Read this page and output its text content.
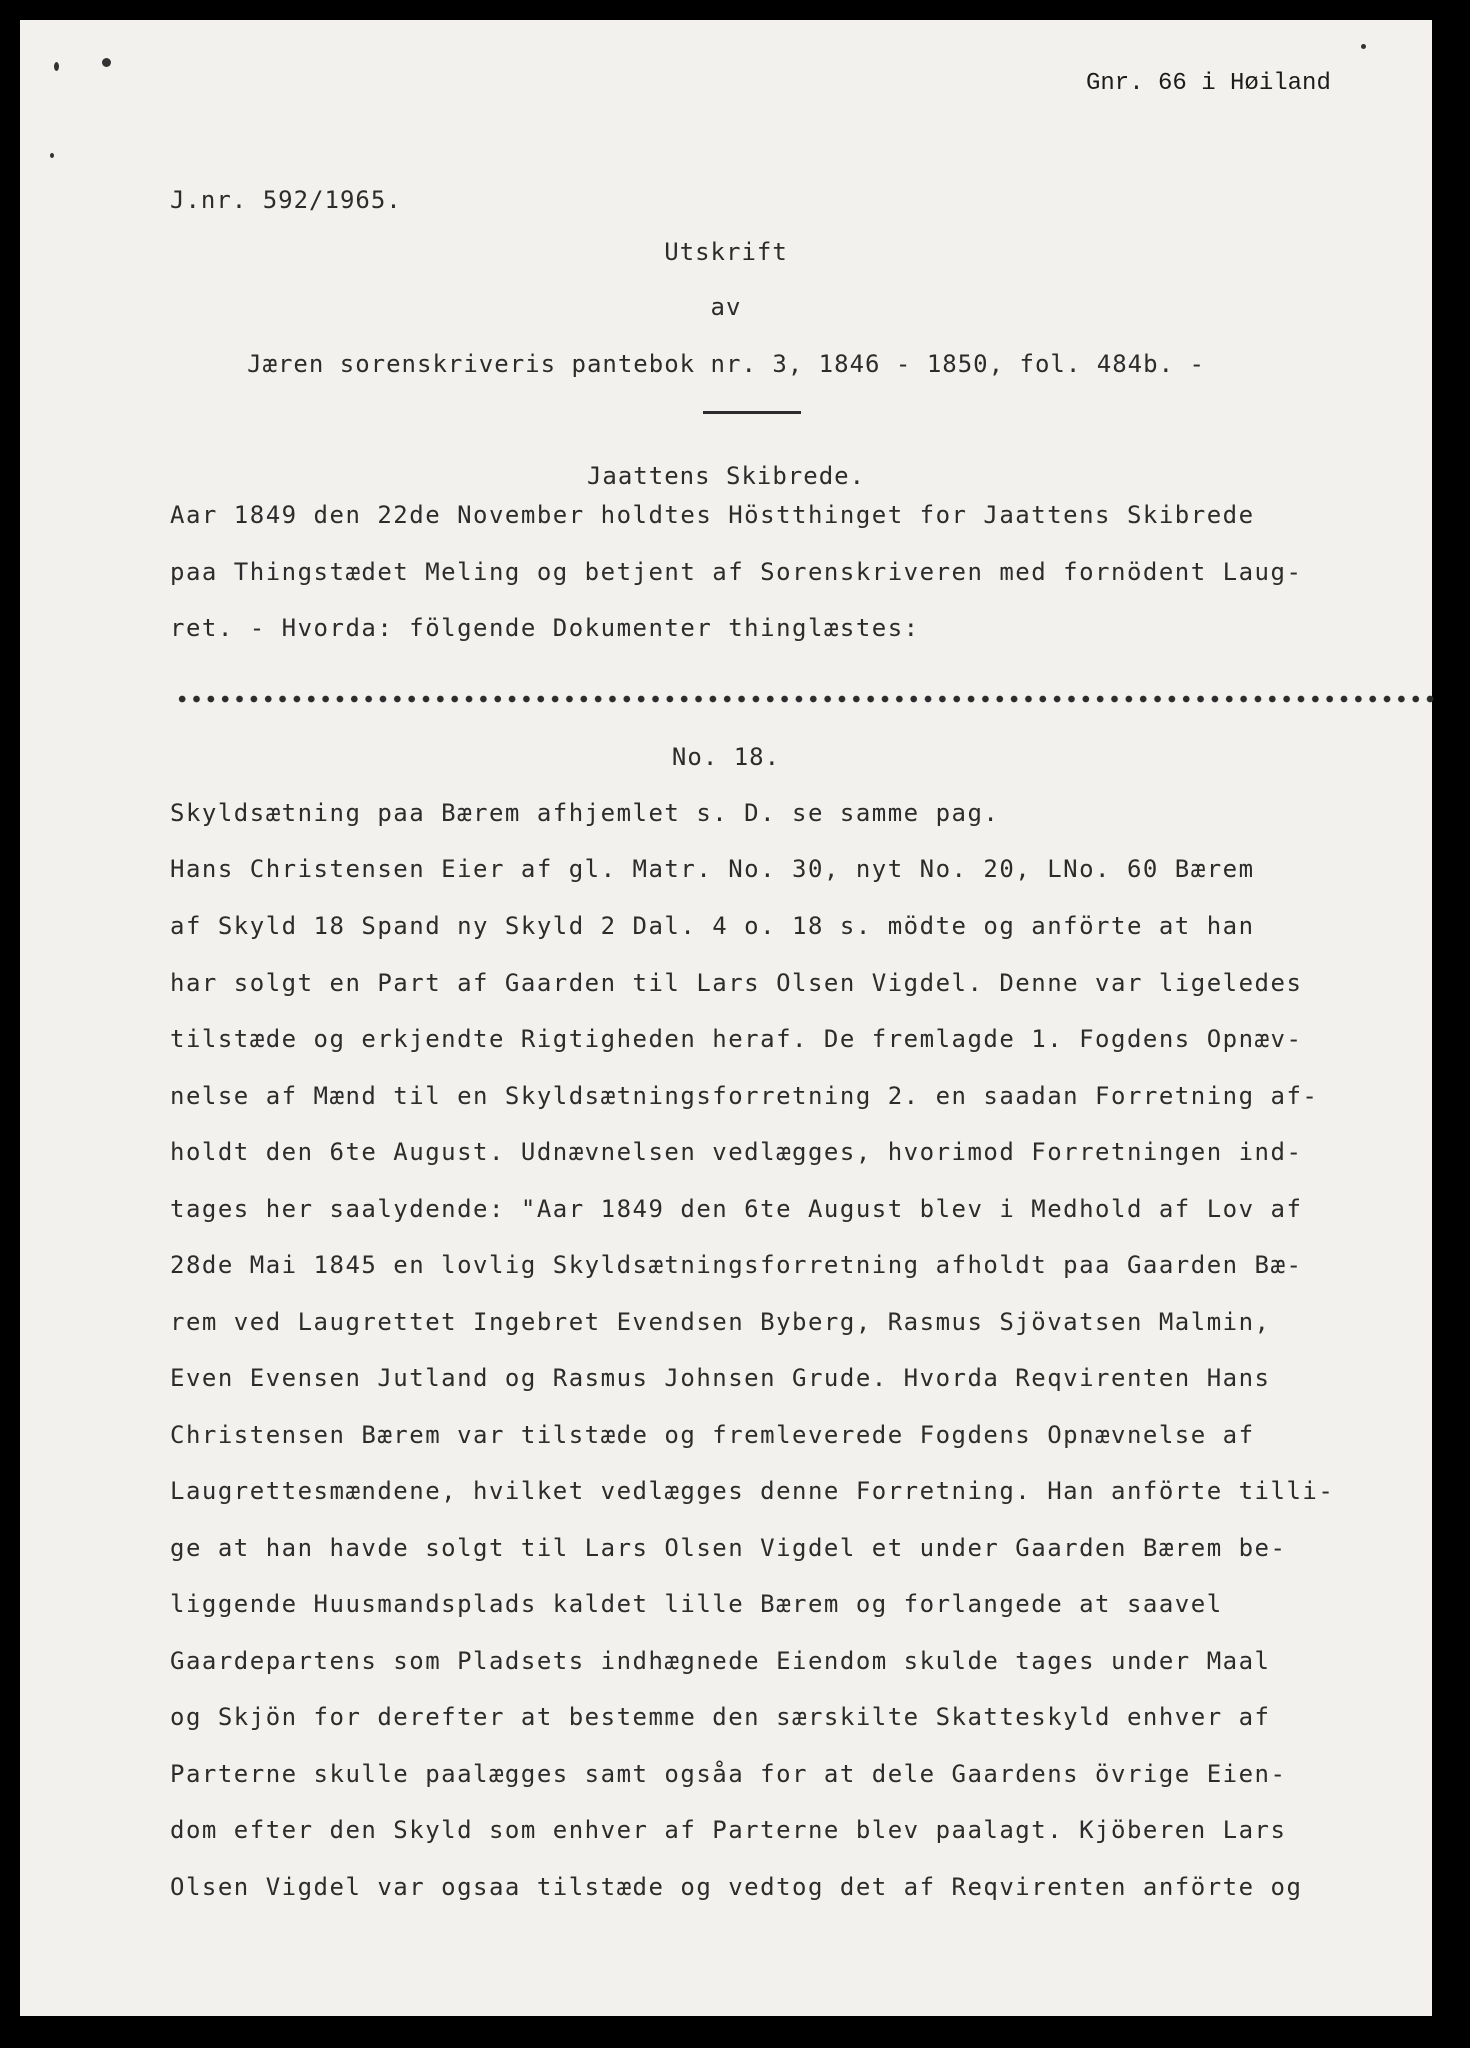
Gnr. 66 i Høiland
J.nr. 592/1965.
Utskrift
av
Jæren sorenskriveris pantebok nr. 3, 1846 - 1850, fol. 484b. -
Jaattens Skibrede.
Aar 1849 den 22de November holdtes Höstthinget for Jaattens Skibrede
paa Thingstædet Meling og betjent af Sorenskriveren med fornödent Laug-
ret. - Hvorda: fölgende Dokumenter thinglæstes:
No. 18.
Skyldsætning paa Bærem afhjemlet s. D. se samme pag.
Hans Christensen Eier af gl. Matr. No. 30, nyt No. 20, LNo. 60 Bærem
af Skyld 18 Spand ny Skyld 2 Dal. 4 o. 18 s. mödte og anförte at han
har solgt en Part af Gaarden til Lars Olsen Vigdel. Denne var ligeledes
tilstæde og erkjendte Rigtigheden heraf. De fremlagde 1. Fogdens Opnæv-
nelse af Mænd til en Skyldsætningsforretning 2. en saadan Forretning af-
holdt den 6te August. Udnævnelsen vedlægges, hvorimod Forretningen ind-
tages her saalydende: "Aar 1849 den 6te August blev i Medhold af Lov af
28de Mai 1845 en lovlig Skyldsætningsforretning afholdt paa Gaarden Bæ-
rem ved Laugrettet Ingebret Evendsen Byberg, Rasmus Sjövatsen Malmin,
Even Evensen Jutland og Rasmus Johnsen Grude. Hvorda Reqvirenten Hans
Christensen Bærem var tilstæde og fremleverede Fogdens Opnævnelse af
Laugrettesmændene, hvilket vedlægges denne Forretning. Han anförte tilli-
ge at han havde solgt til Lars Olsen Vigdel et under Gaarden Bærem be-
liggende Huusmandsplads kaldet lille Bærem og forlangede at saavel
Gaardepartens som Pladsets indhægnede Eiendom skulde tages under Maal
og Skjön for derefter at bestemme den særskilte Skatteskyld enhver af
Parterne skulle paalægges samt ogsåa for at dele Gaardens övrige Eien-
dom efter den Skyld som enhver af Parterne blev paalagt. Kjöberen Lars
Olsen Vigdel var ogsaa tilstæde og vedtog det af Reqvirenten anförte og
